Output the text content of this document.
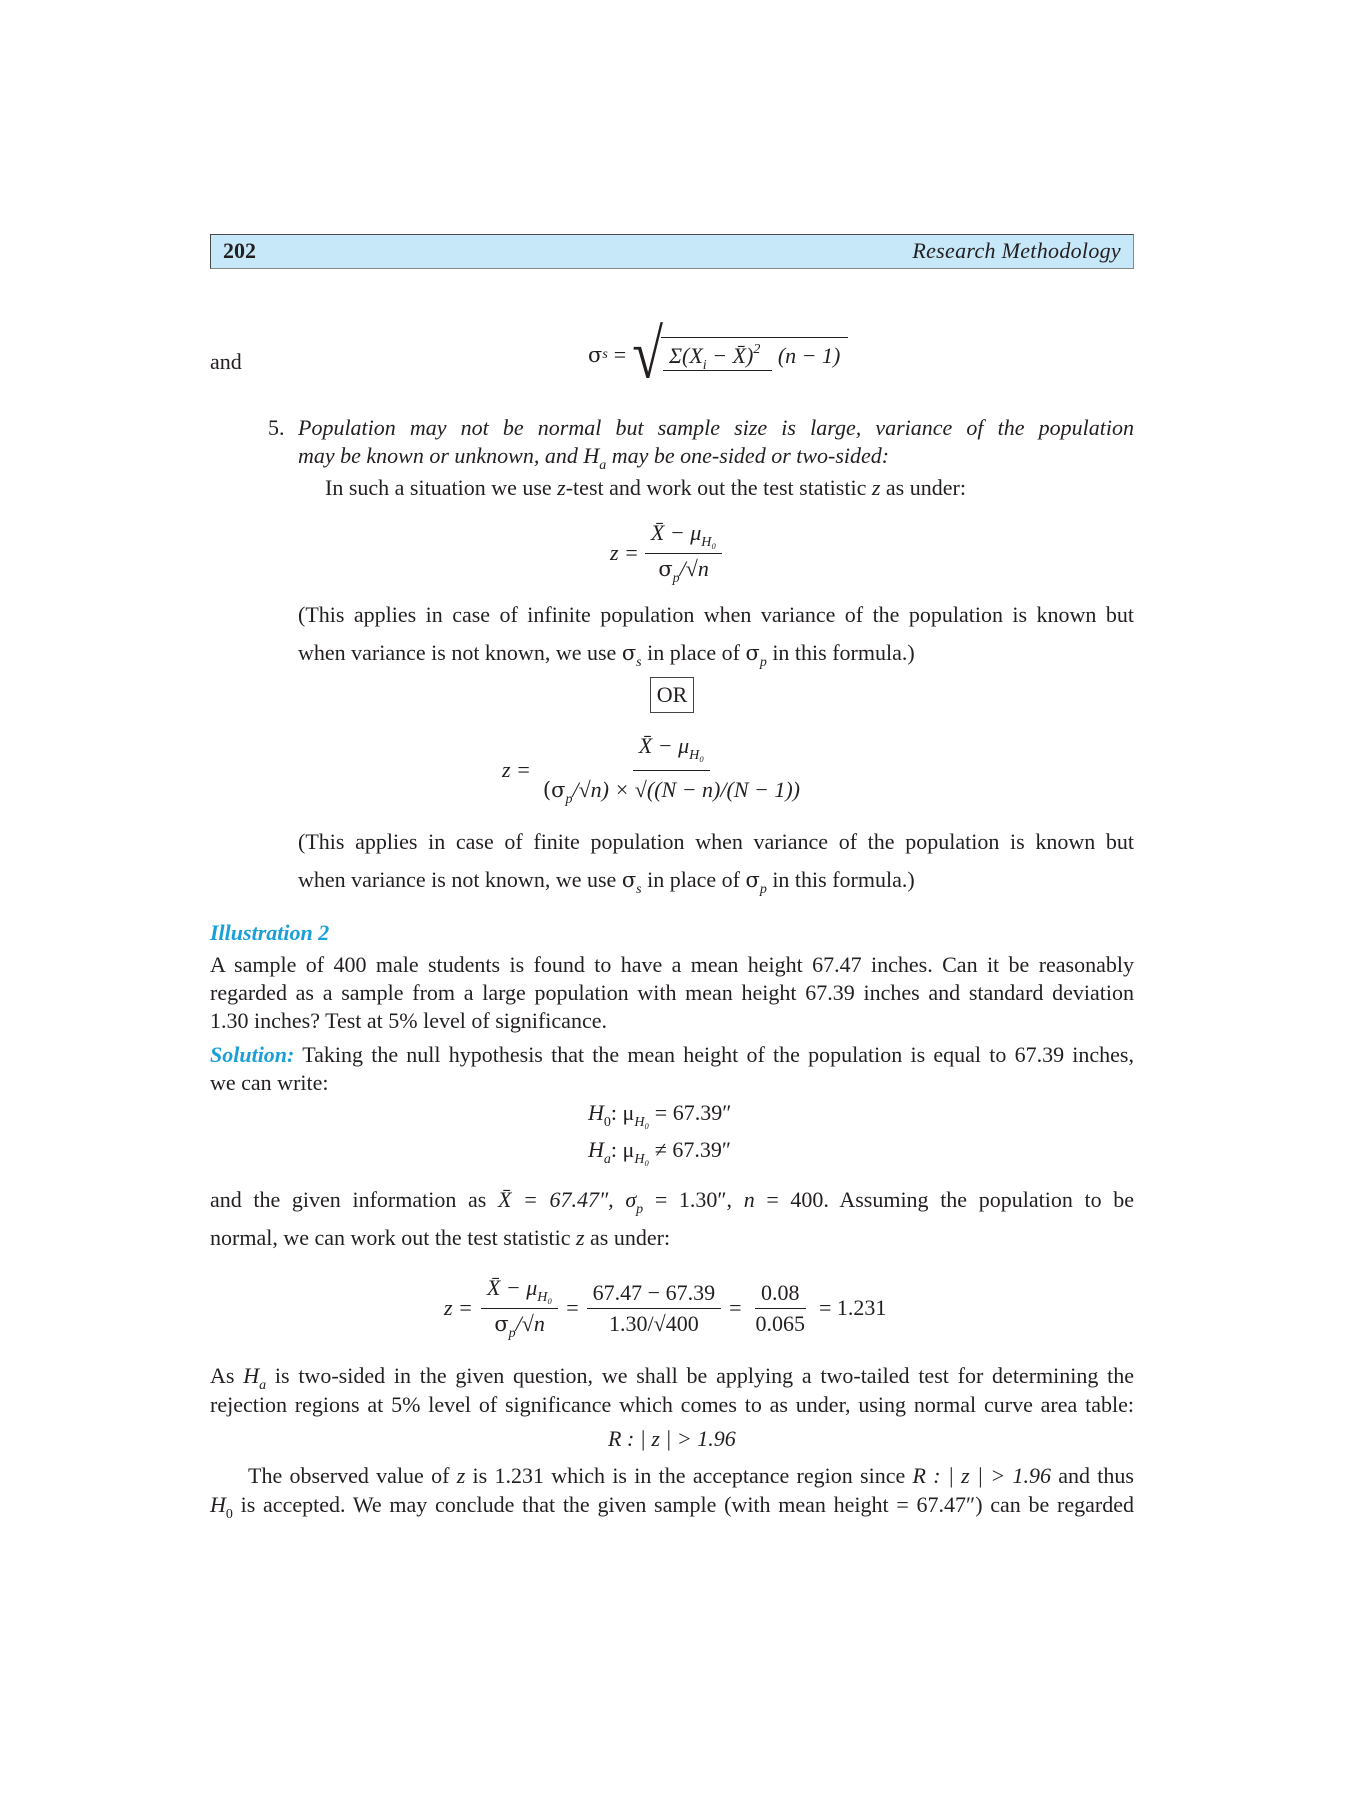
202	Research Methodology
and	σ s = √ $\Sigma(X_i$ − X̄)$^2$ (n − 1)
5. Population may not be normal but sample size is large, variance of the population
may be known or unknown, and $H_a$ may be one-sided or two-sided:
In such a situation we use z-test and work out the test statistic z as under:
$z = \frac{X̄ - \mu_{H_0}}{\sigma_p/√n}$
(This applies in case of infinite population when variance of the population is known but
when variance is not known, we use $\sigma_s$ in place of $\sigma_p$ in this formula.)
OR
$z = \frac{X̄ - \mu_{H_0}}{(\sigma_p/√n) \times √((N - n)/(N - 1))}$
(This applies in case of finite population when variance of the population is known but
when variance is not known, we use $\sigma_s$ in place of $\sigma_p$ in this formula.)
Illustration 2
A sample of 400 male students is found to have a mean height 67.47 inches. Can it be reasonably
regarded as a sample from a large population with mean height 67.39 inches and standard deviation
1.30 inches? Test at 5% level of significance.
Solution: Taking the null hypothesis that the mean height of the population is equal to 67.39 inches,
we can write:
$H_0$: $\mu_{H_0} = 67.39''$
$H_a$: $\mu_{H_0} \ne 67.39''$
and the given information as X̄ = 67.47″, $\sigma_p = 1.30''$, n = 400. Assuming the population to be
normal, we can work out the test statistic z as under:
$z = \frac{X̄ - \mu_{H_0}}{\sigma_p/√n} = \frac{67.47 - 67.39}{1.30/√400} = \frac{0.08}{0.065} = 1.231$
As $H_a$ is two-sided in the given question, we shall be applying a two-tailed test for determining the
rejection regions at 5% level of significance which comes to as under, using normal curve area table:
R : | z | > 1.96
The observed value of z is 1.231 which is in the acceptance region since R : | z | > 1.96 and thus
$H_0$ is accepted. We may conclude that the given sample (with mean height = 67.47″) can be regarded
